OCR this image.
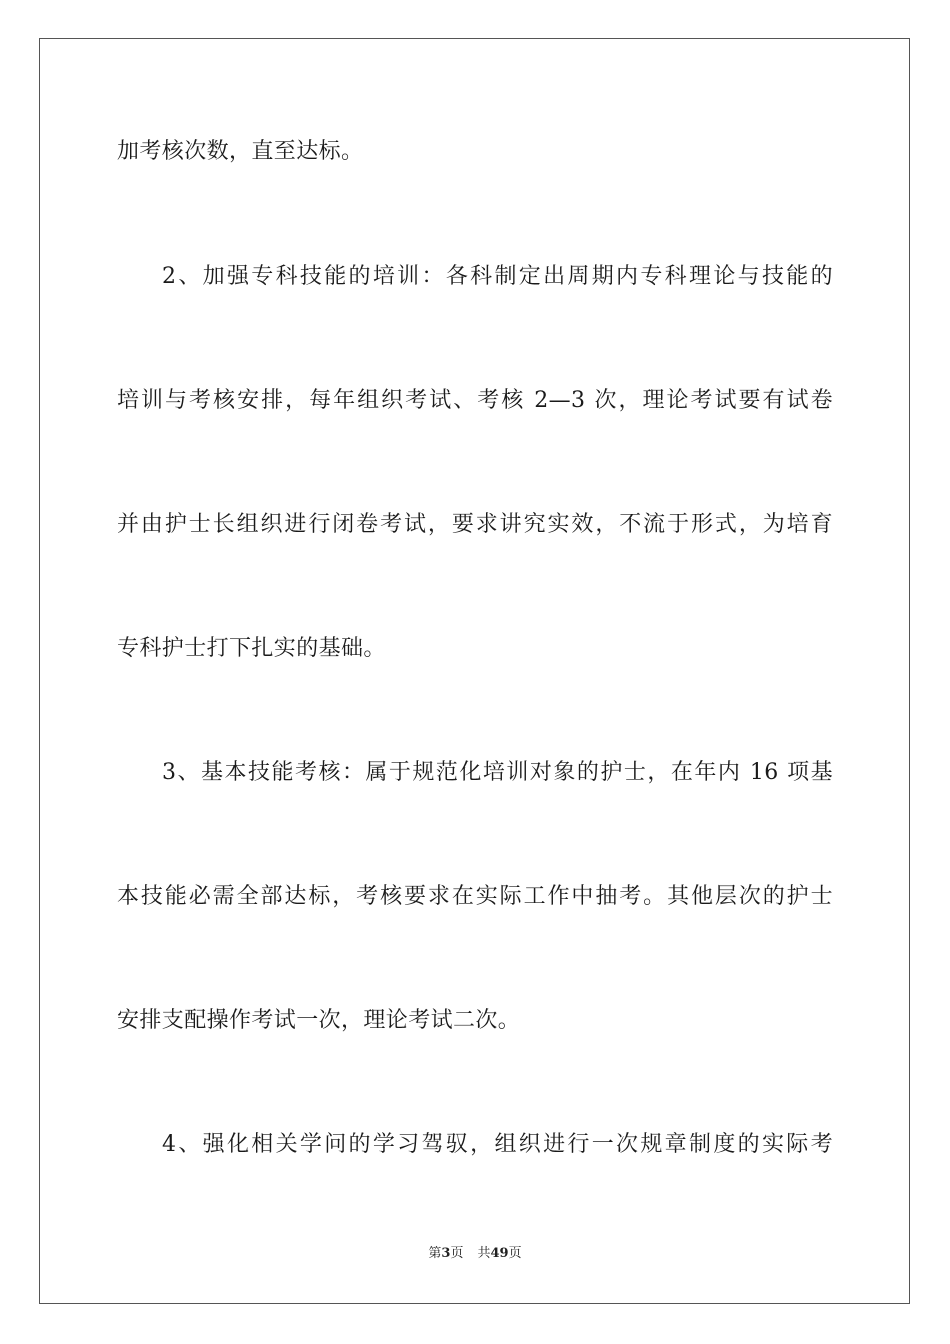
加考核次数，直至达标。
2、加强专科技能的培训：各科制定出周期内专科理论与技能的
培训与考核安排，每年组织考试、考核 2—3 次，理论考试要有试卷
并由护士长组织进行闭卷考试，要求讲究实效，不流于形式，为培育
专科护士打下扎实的基础。
3、基本技能考核：属于规范化培训对象的护士，在年内 16 项基
本技能必需全部达标，考核要求在实际工作中抽考。其他层次的护士
安排支配操作考试一次，理论考试二次。
4、强化相关学问的学习驾驭，组织进行一次规章制度的实际考
第3页 共49页
